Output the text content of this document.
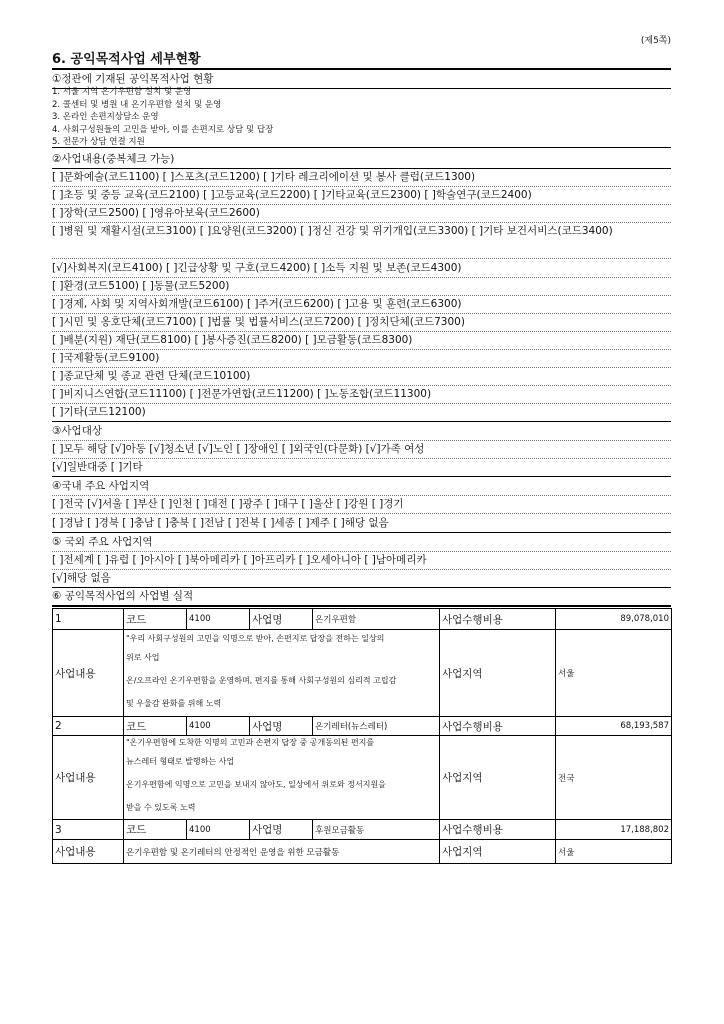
(제5쪽)
6. 공익목적사업 세부현황
①정관에 기재된 공익목적사업 현황
1. 서울 지역 온기우편함 설치 및 운영
2. 콜센터 및 병원 내 온기우편함 설치 및 운영
3. 온라인 손편지상담소 운영
4. 사회구성원들의 고민을 받아, 이를 손편지로 상담 및 답장
5. 전문가 상담 연결 지원
②사업내용(중복체크 가능)
[ ]문화예술(코드1100) [ ]스포츠(코드1200) [ ]기타 레크리에이션 및 봉사 클럽(코드1300)
[ ]초등 및 중등 교육(코드2100) [ ]고등교육(코드2200) [ ]기타교육(코드2300) [ ]학술연구(코드2400)
[ ]장학(코드2500) [ ]영유아보육(코드2600)
[ ]병원 및 재활시설(코드3100) [ ]요양원(코드3200) [ ]정신 건강 및 위기개입(코드3300) [ ]기타 보건서비스(코드3400)
[√]사회복지(코드4100) [ ]긴급상황 및 구호(코드4200) [ ]소득 지원 및 보존(코드4300)
[ ]환경(코드5100) [ ]동물(코드5200)
[ ]경제, 사회 및 지역사회개발(코드6100) [ ]주거(코드6200) [ ]고용 및 훈련(코드6300)
[ ]시민 및 옹호단체(코드7100) [ ]법률 및 법률서비스(코드7200) [ ]정치단체(코드7300)
[ ]배분(지원) 재단(코드8100) [ ]봉사증진(코드8200) [ ]모금활동(코드8300)
[ ]국제활동(코드9100)
[ ]종교단체 및 종교 관련 단체(코드10100)
[ ]비지니스연합(코드11100) [ ]전문가연합(코드11200) [ ]노동조합(코드11300)
[ ]기타(코드12100)
③사업대상
[ ]모두 해당 [√]아동 [√]청소년 [√]노인 [ ]장애인 [ ]외국인(다문화) [√]가족 여성
[√]일반대중 [ ]기타
④국내 주요 사업지역
[ ]전국 [√]서울 [ ]부산 [ ]인천 [ ]대전 [ ]광주 [ ]대구 [ ]울산 [ ]강원 [ ]경기
[ ]경남 [ ]경북 [ ]충남 [ ]충북 [ ]전남 [ ]전북 [ ]세종 [ ]제주 [ ]해당 없음
⑤ 국외 주요 사업지역
[ ]전세계 [ ]유럽 [ ]아시아 [ ]북아메리카 [ ]아프리카 [ ]오세아니아 [ ]남아메리카
[√]해당 없음
⑥ 공익목적사업의 사업별 실적
1	코드	4100	사업명	온기우편함	사업수행비용	89,078,010
사업내용	"우리 사회구성원의 고민을 익명으로 받아, 손편지로 답장을 전하는 일상의
위로 사업
온/오프라인 온기우편함을 운영하며, 편지를 통해 사회구성원의 심리적 고립감
및 우울감 완화를 위해 노력				사업지역	서울
2	코드	4100	사업명	온기레터(뉴스레터)	사업수행비용	68,193,587
사업내용	"온기우편함에 도착한 익명의 고민과 손편지 답장 중 공개동의된 편지를
뉴스레터 형태로 발행하는 사업
온기우편함에 익명으로 고민을 보내지 않아도, 일상에서 위로와 정서지원을
받을 수 있도록 노력				사업지역	전국
3	코드	4100	사업명	후원모금활동	사업수행비용	17,188,802
사업내용	온기우편함 및 온기레터의 안정적인 운영을 위한 모금활동				사업지역	서울
